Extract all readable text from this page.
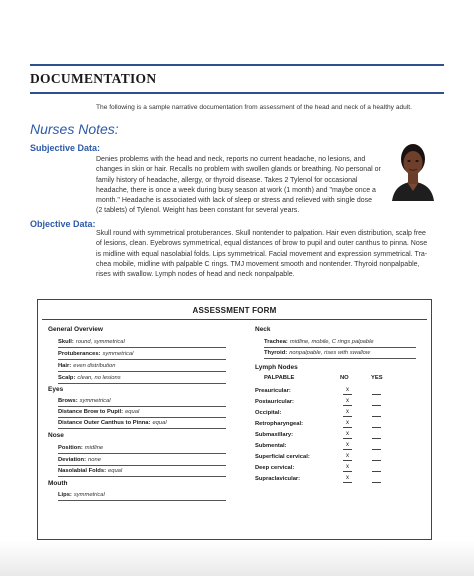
DOCUMENTATION
The following is a sample narrative documentation from assessment of the head and neck of a healthy adult.
Nurses Notes:
Subjective Data:
Denies problems with the head and neck, reports no current headache, no lesions, and
changes in skin or hair. Recalls no problem with swollen glands or breathing. No personal or
family history of headache, allergy, or thyroid disease. Takes 2 Tylenol for occasional
headache, there is once a week during busy season at work (1 month) and "maybe once a
month." Headache is associated with lack of sleep or stress and relieved with single dose
(2 tablets) of Tylenol. Weight has been constant for several years.
Objective Data:
Skull round with symmetrical protuberances. Skull nontender to palpation. Hair even distribution, scalp free
of lesions, clean. Eyebrows symmetrical, equal distances of brow to pupil and outer canthus to pinna. Nose
is midline with equal nasolabial folds. Lips symmetrical. Facial movement and expression symmetrical. Tra-
chea mobile, midline with palpable C rings. TMJ movement smooth and nontender. Thyroid nonpalpable,
rises with swallow. Lymph nodes of head and neck nonpalpable.
ASSESSMENT FORM
General Overview
Skull: round, symmetrical
Protuberances: symmetrical
Hair: even distribution
Scalp: clean, no lesions
Eyes
Brows: symmetrical
Distance Brow to Pupil: equal
Distance Outer Canthus to Pinna: equal
Nose
Position: midline
Deviation: none
Nasolabial Folds: equal
Mouth
Lips: symmetrical
Neck
Trachea: midline, mobile, C rings palpable
Thyroid: nonpalpable, rises with swallow
Lymph Nodes
PALPABLE	NO	YES
Preauricular:	x
Postauricular:	x
Occipital:	x
Retropharyngeal:	x
Submaxillary:	x
Submental:	x
Superficial cervical:	x
Deep cervical:	x
Supraclavicular:	x
